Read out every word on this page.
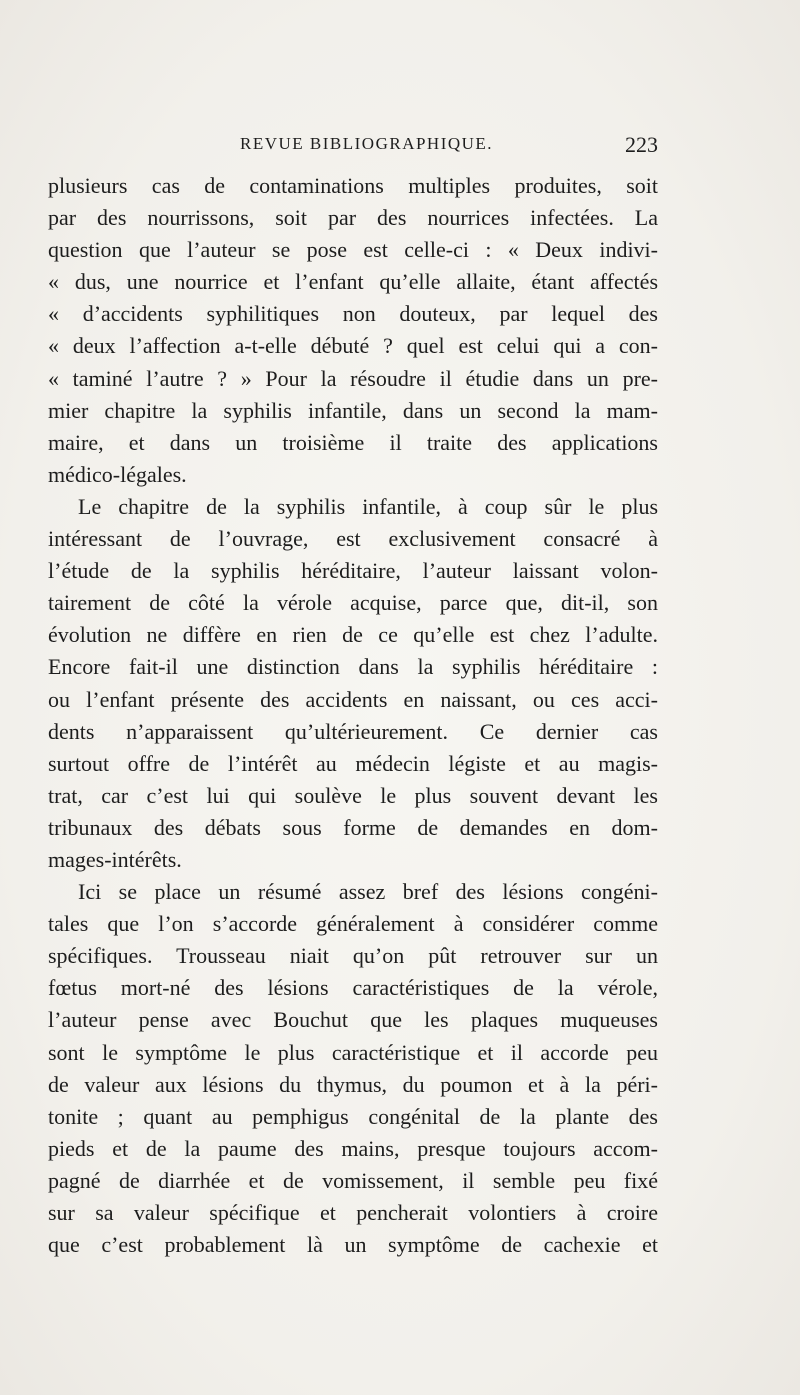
REVUE BIBLIOGRAPHIQUE.	223
plusieurs cas de contaminations multiples produites, soit
par des nourrissons, soit par des nourrices infectées. La
question que l’auteur se pose est celle-ci : « Deux indivi-
« dus, une nourrice et l’enfant qu’elle allaite, étant affectés
« d’accidents syphilitiques non douteux, par lequel des
« deux l’affection a-t-elle débuté ? quel est celui qui a con-
« taminé l’autre ? » Pour la résoudre il étudie dans un pre-
mier chapitre la syphilis infantile, dans un second la mam-
maire, et dans un troisième il traite des applications
médico-légales.
Le chapitre de la syphilis infantile, à coup sûr le plus
intéressant de l’ouvrage, est exclusivement consacré à
l’étude de la syphilis héréditaire, l’auteur laissant volon-
tairement de côté la vérole acquise, parce que, dit-il, son
évolution ne diffère en rien de ce qu’elle est chez l’adulte.
Encore fait-il une distinction dans la syphilis héréditaire :
ou l’enfant présente des accidents en naissant, ou ces acci-
dents n’apparaissent qu’ultérieurement. Ce dernier cas
surtout offre de l’intérêt au médecin légiste et au magis-
trat, car c’est lui qui soulève le plus souvent devant les
tribunaux des débats sous forme de demandes en dom-
mages-intérêts.
Ici se place un résumé assez bref des lésions congéni-
tales que l’on s’accorde généralement à considérer comme
spécifiques. Trousseau niait qu’on pût retrouver sur un
fœtus mort-né des lésions caractéristiques de la vérole,
l’auteur pense avec Bouchut que les plaques muqueuses
sont le symptôme le plus caractéristique et il accorde peu
de valeur aux lésions du thymus, du poumon et à la péri-
tonite ; quant au pemphigus congénital de la plante des
pieds et de la paume des mains, presque toujours accom-
pagné de diarrhée et de vomissement, il semble peu fixé
sur sa valeur spécifique et pencherait volontiers à croire
que c’est probablement là un symptôme de cachexie et
